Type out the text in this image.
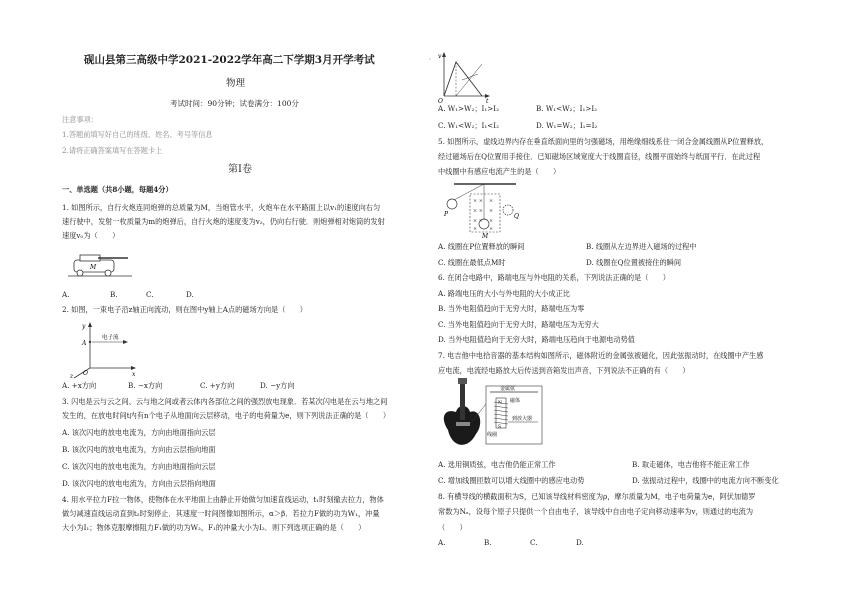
,
砚山县第三高级中学2021-2022学年高二下学期3月开学考试
物理
考试时间：90分钟；试卷满分：100分
注意事项：
1.答题前填写好自己的班级、姓名、考号等信息
2.请将正确答案填写在答题卡上
第Ⅰ卷
一、单选题（共8小题，每题4分）
1. 如图所示，自行火炮连同炮弹的总质量为M，当炮管水平，火炮车在水平路面上以v₁的速度向右匀
速行驶中，发射一枚质量为m的炮弹后，自行火炮的速度变为v₂，仍向右行驶．则炮弹相对炮筒的发射
速度v₀为（　　）
M
A.	B.	C.	D.
2. 如图，一束电子沿z轴正向流动，则在图中y轴上A点的磁场方向是（　　）
y
电子流
A
x
O
z
A. +x方向	B. −x方向	C. +y方向	D. −y方向
3. 闪电是云与云之间、云与地之间或者云体内各部位之间的强烈放电现象．若某次闪电是在云与地之间
发生的，在放电时间t内有n个电子从地面向云层移动，电子的电荷量为e，则下列说法正确的是（　　）
A. 该次闪电的放电电流为，方向由地面指向云层
B. 该次闪电的放电电流为，方向由云层指向地面
C. 该次闪电的放电电流为，方向由地面指向云层
D. 该次闪电的放电电流为，方向由云层指向地面
4. 用水平拉力F拉一物体，使物体在水平地面上由静止开始做匀加速直线运动，t₁时刻撤去拉力，物体
做匀减速直线运动直到t₂时刻停止．其速度一时间图像如图所示，α＞β．若拉力F做的功为W₁，冲量
大小为I₁；物体克服摩擦阻力F₁做的功为W₂，F₁的冲量大小为I₂．则下列选项正确的是（　　）
v
O	t
A. W₁>W₂；I₁>I₂	B. W₁<W₂；I₁>I₂
C. W₁<W₂；I₁<I₂	D. W₁=W₂；I₁=I₂
5. 如图所示，虚线边界内存在垂直纸面向里的匀强磁场，用绝缘细线系住一闭合金属线圈从P位置释放，
经过磁场后在Q位置用手接住．已知磁场区域宽度大于线圈直径，线圈平面始终与纸面平行．在此过程
中线圈中有感应电流产生的是（　　）
× × ×
× × ×
× × ×
× ×
P	Q
M
A. 线圈在P位置释放的瞬间	B. 线圈从左边界进入磁场的过程中
C. 线圈在最低点M时	D. 线圈在Q位置被接住的瞬间
6. 在闭合电路中，路端电压与外电阻的关系，下列说法正确的是（　　）
A. 路端电压的大小与外电阻的大小成正比
B. 当外电阻值趋向于无穷大时，路端电压为零
C. 当外电阻值趋向于无穷大时，路端电压为无穷大
D. 当外电阻值趋向于无穷大时，路端电压趋向于电源电动势值
7. 电吉他中电拾音器的基本结构如图所示，磁体附近的金属弦被磁化，因此弦振动时，在线圈中产生感
应电流，电流经电路放大后传送到音箱发出声音，下列说法不正确的有（　　）
金属弦
磁体
到放大器
线圈
N
S
A. 选用铜质弦，电吉他仍能正常工作	B. 取走磁体，电吉他将不能正常工作
C. 增加线圈匝数可以增大线圈中的感应电动势	D. 弦振动过程中，线圈中的电流方向不断变化
8. 有横导线的横截面积为S，已知该导线材料密度为ρ，摩尔质量为M，电子电荷量为e，阿伏加德罗
常数为Nₐ，设每个原子只提供一个自由电子，该导线中自由电子定向移动速率为v，则通过的电流为
（　　）
A.	B.	C.	D.
